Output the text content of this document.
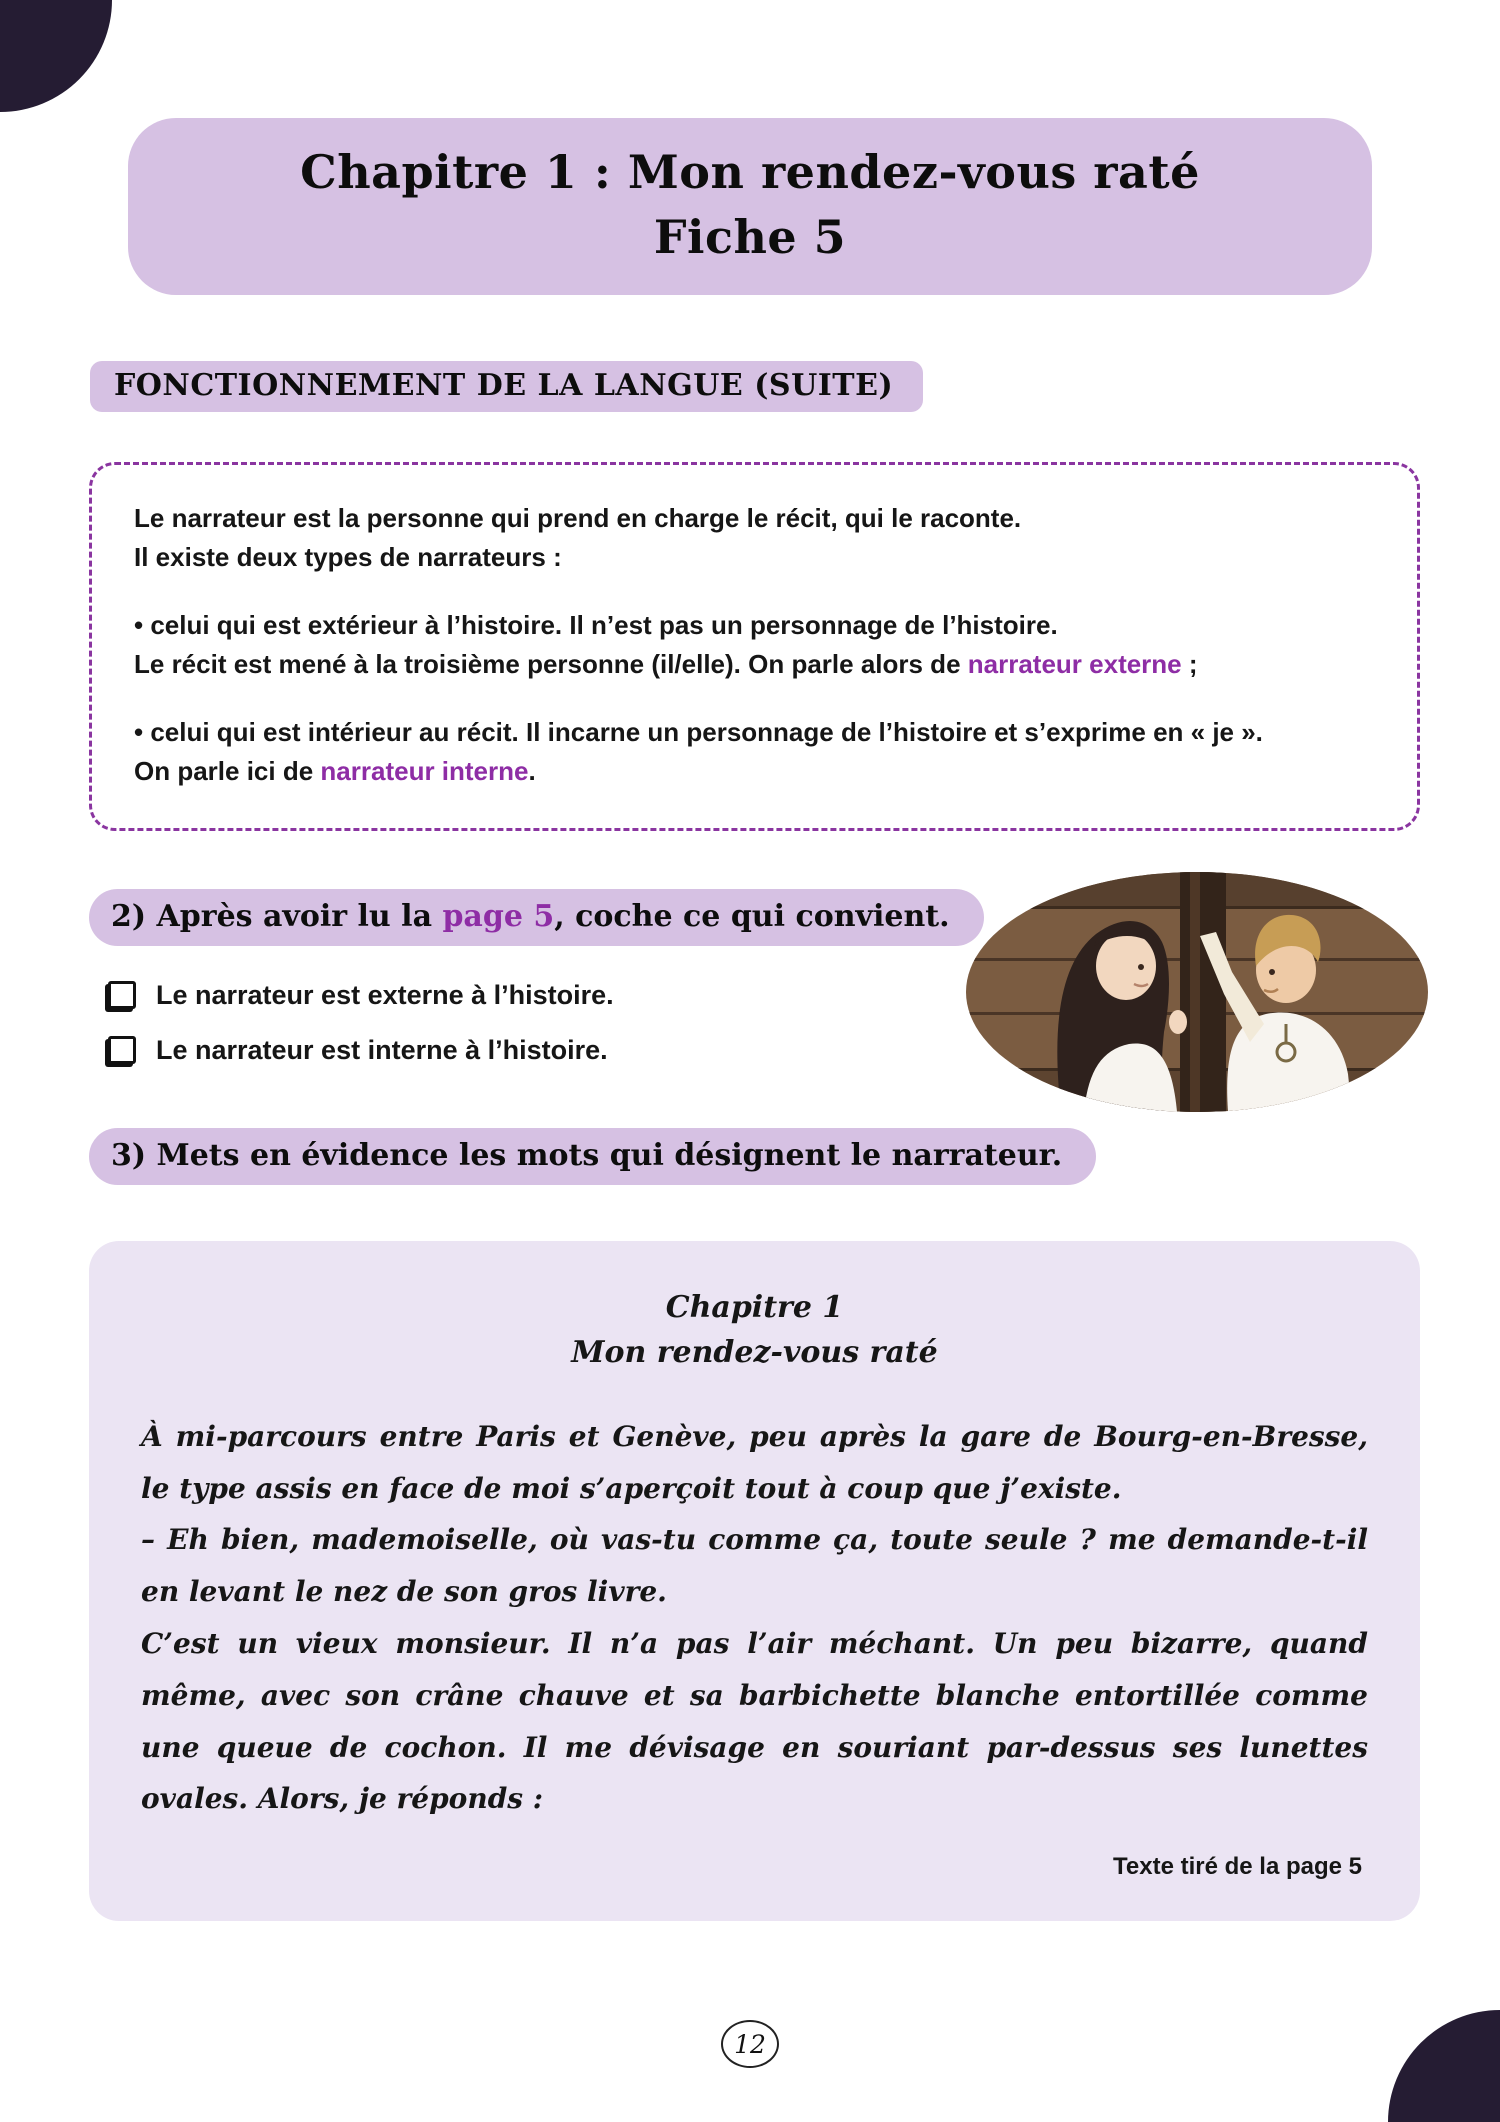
Chapitre 1 : Mon rendez-vous raté
Fiche 5
FONCTIONNEMENT DE LA LANGUE (SUITE)

Le narrateur est la personne qui prend en charge le récit, qui le raconte.

Il existe deux types de narrateurs :

• celui qui est extérieur à l’histoire. Il n’est pas un personnage de l’histoire.

Le récit est mené à la troisième personne (il/elle). On parle alors de narrateur externe ;

• celui qui est intérieur au récit. Il incarne un personnage de l’histoire et s’exprime en « je ».

On parle ici de narrateur interne.

2) Après avoir lu la page 5, coche ce qui convient.
Le narrateur est externe à l’histoire.
Le narrateur est interne à l’histoire.
3) Mets en évidence les mots qui désignent le narrateur.
Chapitre 1
Mon rendez-vous raté

À mi-parcours entre Paris et Genève, peu après la gare de Bourg-en-Bresse, le type assis en face de moi s’aperçoit tout à coup que j’existe.

– Eh bien, mademoiselle, où vas-tu comme ça, toute seule ? me demande-t-il en levant le nez de son gros livre.

C’est un vieux monsieur. Il n’a pas l’air méchant. Un peu bizarre, quand même, avec son crâne chauve et sa barbichette blanche entortillée comme une queue de cochon. Il me dévisage en souriant par-dessus ses lunettes ovales. Alors, je réponds :

Texte tiré de la page 5
12
